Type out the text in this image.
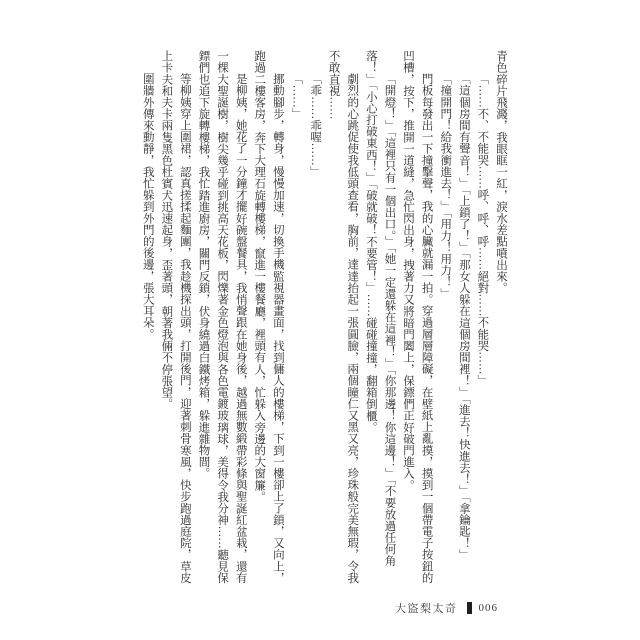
青色碎片飛濺，我眼眶一紅，淚水差點噴出來。

「……不、不能哭……呼、呼、呼……絕對……不能哭……」

「這個房間有聲音！」「上鎖了！」「那女人躲在這個房間裡！」「進去！快進去！」「拿鑰匙！」

「撞開門！給我衝進去！」「用力！用力！」

門板每發出一下撞擊聲，我的心臟就漏一拍。穿過層層障礙，在壁紙上亂摸，摸到一個帶電子按鈕的凹槽，按下，推開一道縫，急忙閃出身，拽著力又將暗門闔上，保鏢們正好破門進入。

「開燈！」「這裡只有一個出口。」「她一定還躲在這裡！」「你那邊！你這邊！」「不要放過任何角落！」「小心打破東西！」「破就破！不要管！」……碰碰撞撞，翻箱倒櫃。

劇烈的心跳促使我低頭查看，胸前，達達抬起一張圓臉，兩個瞳仁又黑又亮，珍珠般完美無瑕，令我不敢直視……

「乖……乖喔……」

「……」

挪動腳步，轉身，慢慢加速，切換手機監視器畫面，找到傭人的樓梯，下到一樓卻上了鎖，又向上，跑過二樓客房，奔下大理石旋轉樓梯，竄進一樓餐廳，裡頭有人，忙躲入旁邊的大窗簾。

是柳姨，她花了一分鐘才擺好碗盤餐具，我悄聲跟在她身後，越過無數緞帶彩條與聖誕紅盆栽，還有一棵大聖誕樹，樹尖幾乎碰到挑高天花板，閃爍著金色燈泡與各色電鍍玻璃球，美得令我分神……聽見保鏢們也追下旋轉樓梯，我忙踏進廚房，關門反鎖，伏身繞過白鐵烤箱，躲進雜物間。

等柳姨穿上圍裙，認真搓揉起麵團，我趁機探出頭，打開後門，迎著刺骨寒風，快步跑過庭院，草皮上卡夫和夫卡兩隻黑色杜賓犬迅速起身，歪著頭，朝著我倆不停張望。

圍牆外傳來動靜，我忙躲到外門的後邊，張大耳朵。

大盜梨太奇 006
